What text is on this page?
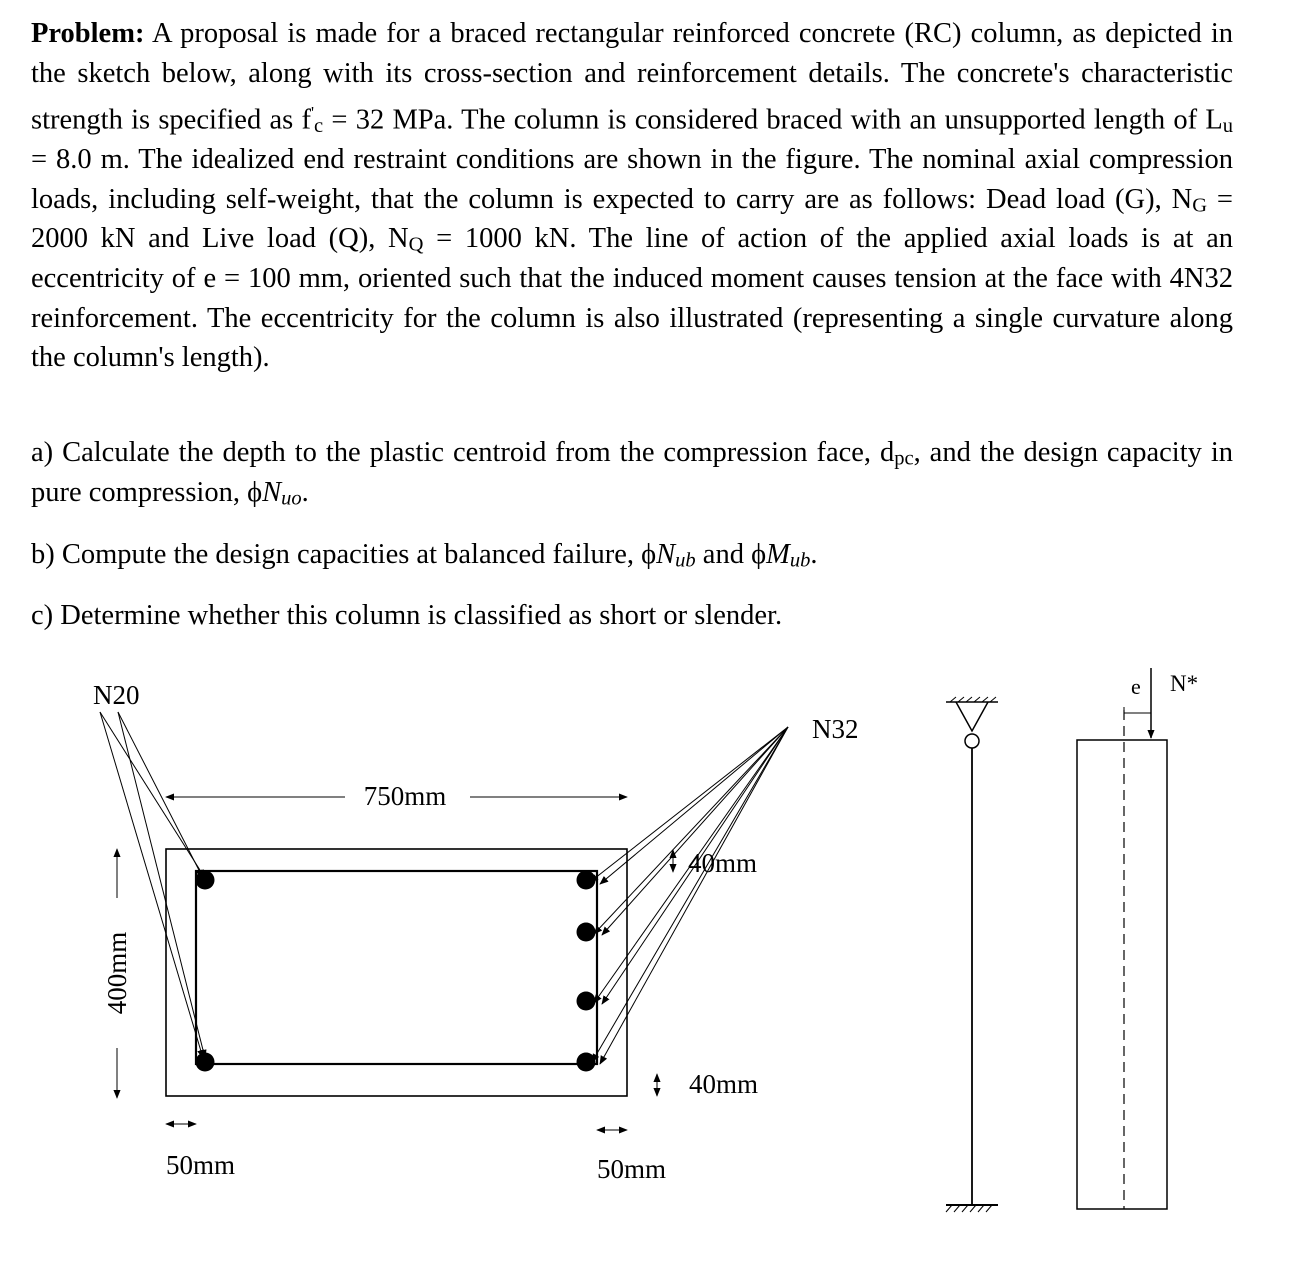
Problem: A proposal is made for a braced rectangular reinforced concrete (RC) column, as depicted in the sketch below, along with its cross-section and reinforcement details. The concrete's characteristic strength is specified as f'c = 32 MPa. The column is considered braced with an unsupported length of Lu = 8.0 m. The idealized end restraint conditions are shown in the figure. The nominal axial compression loads, including self-weight, that the column is expected to carry are as follows: Dead load (G), NG = 2000 kN and Live load (Q), NQ = 1000 kN. The line of action of the applied axial loads is at an eccentricity of e = 100 mm, oriented such that the induced moment causes tension at the face with 4N32 reinforcement. The eccentricity for the column is also illustrated (representing a single curvature along the column's length).

a) Calculate the depth to the plastic centroid from the compression face, dpc, and the design capacity in pure compression, ϕNuo.

b) Compute the design capacities at balanced failure, ϕNub and ϕMub.

c) Determine whether this column is classified as short or slender.

750mm
400mm
40mm
40mm
50mm	50mm
N20
N32
e N*
